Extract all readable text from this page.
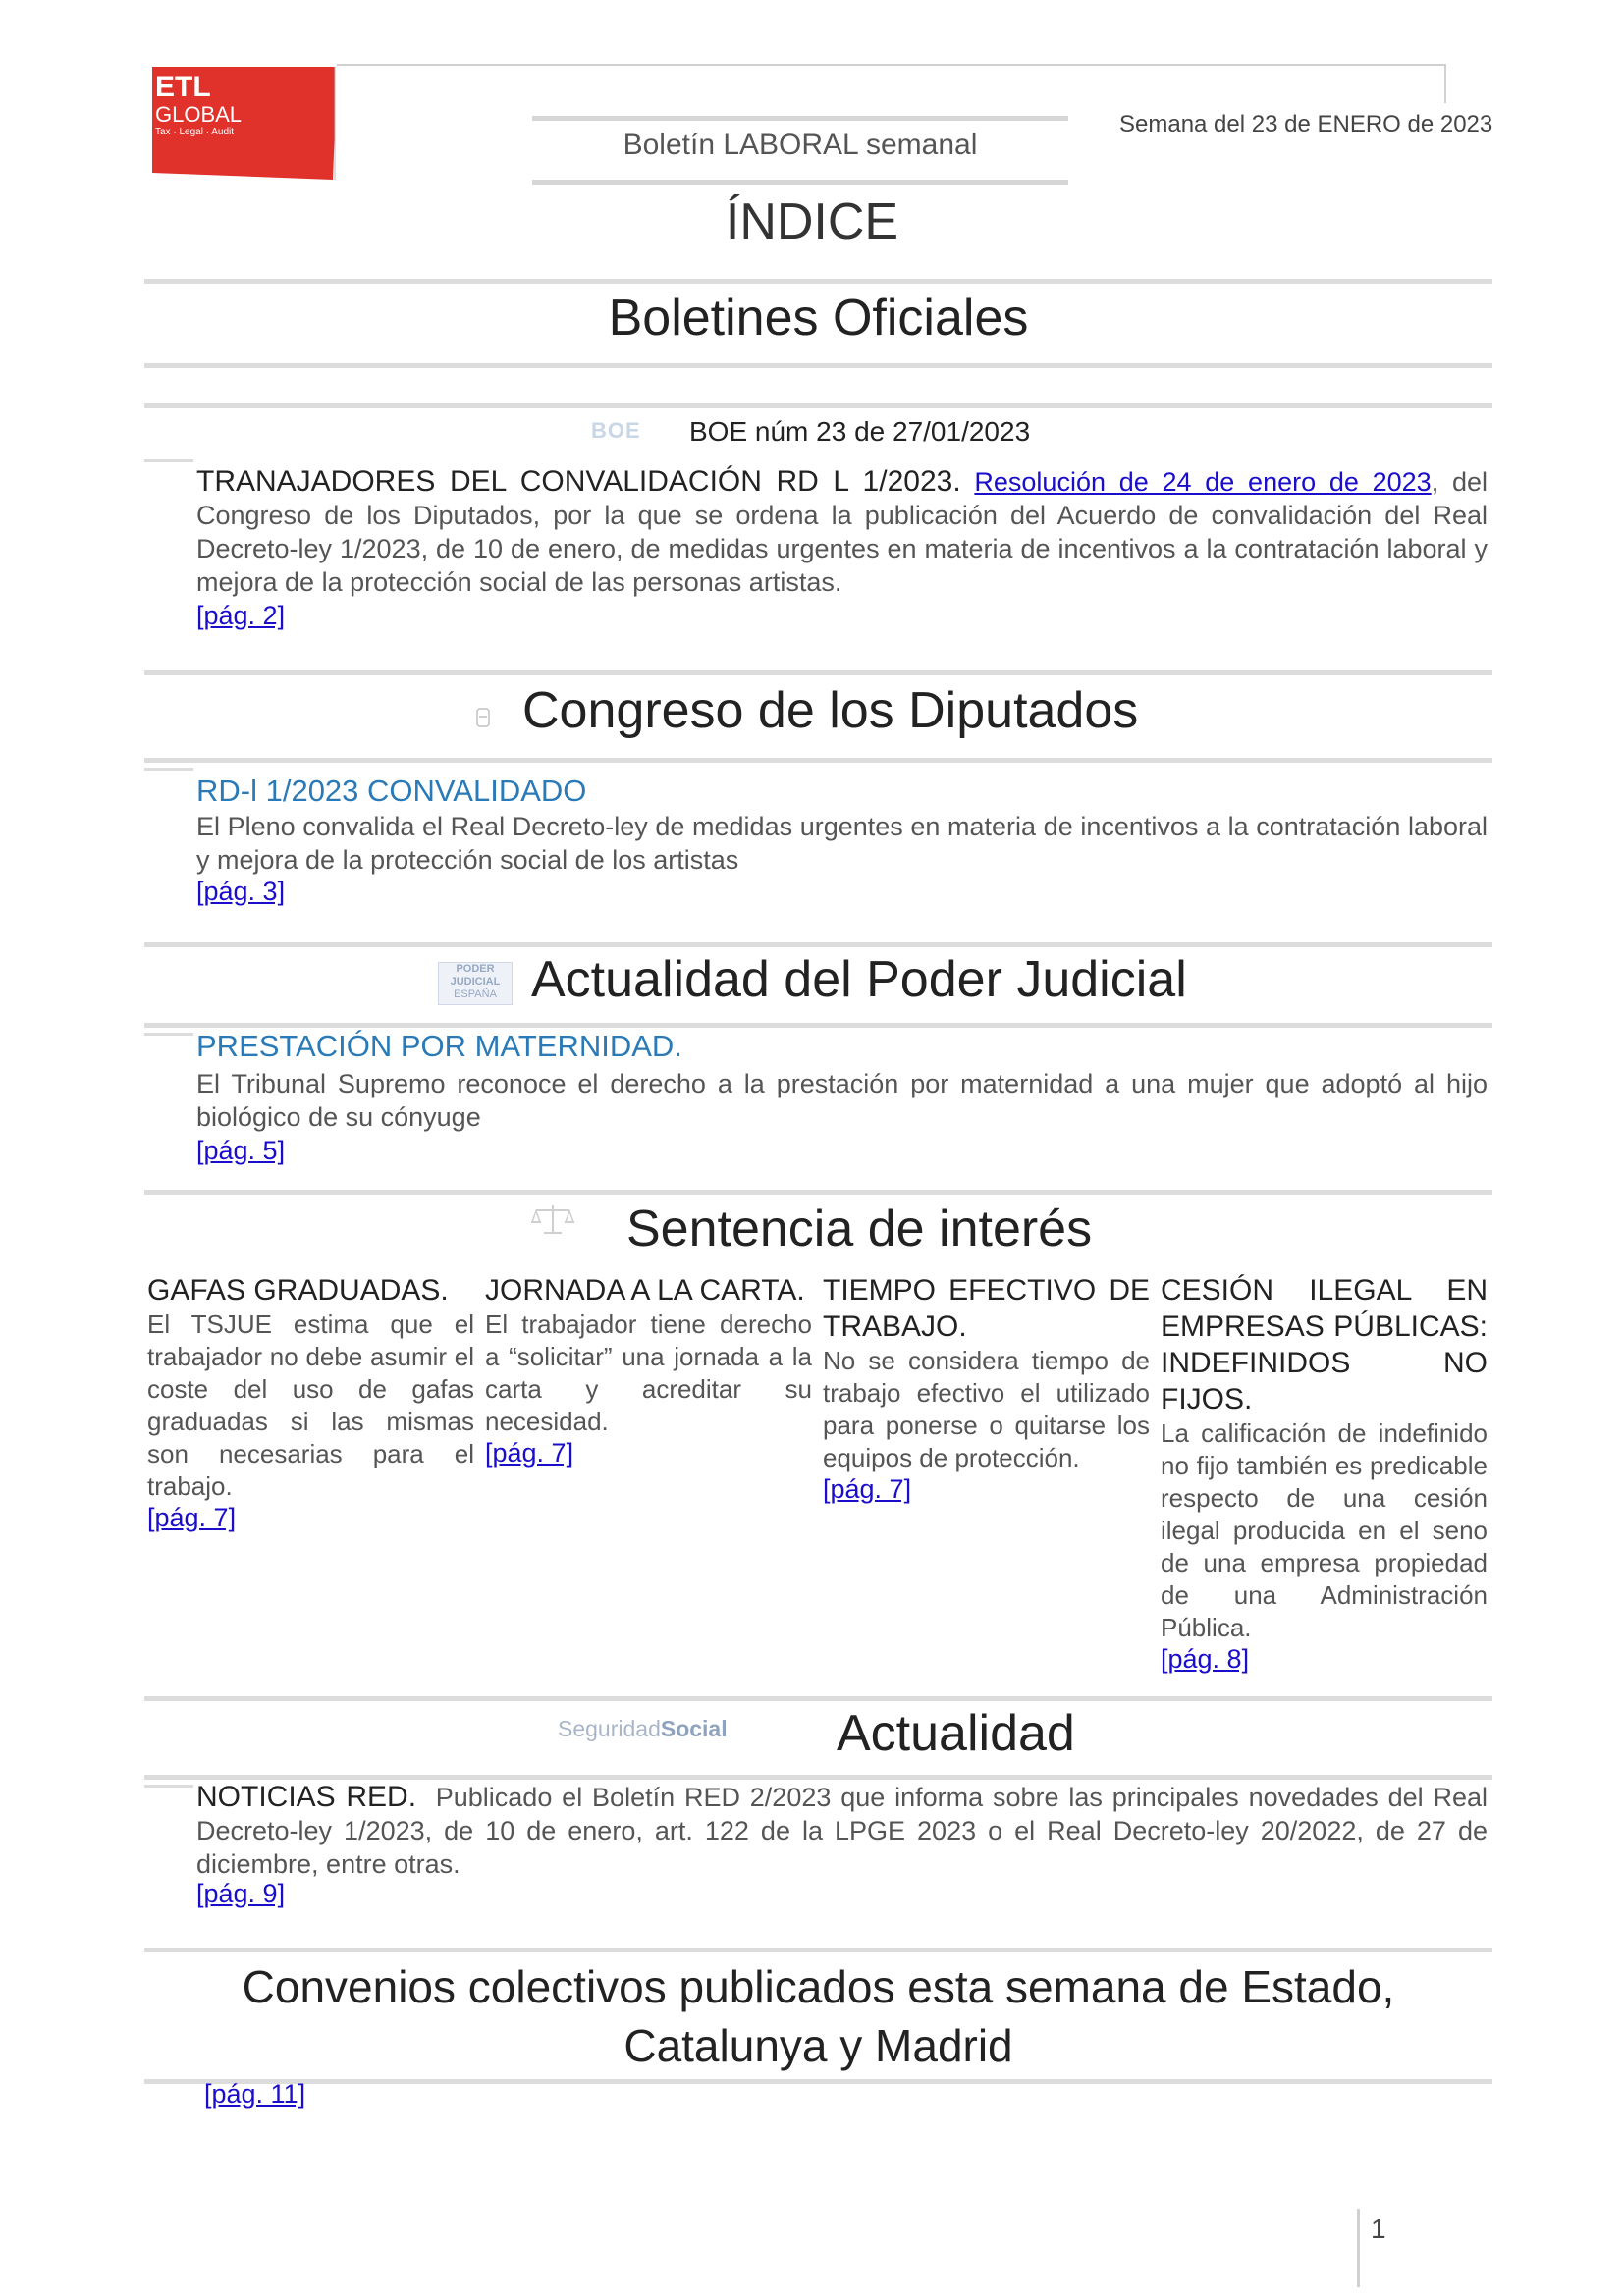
ETL
GLOBAL
Tax · Legal · Audit	Boletín LABORAL semanal
Semana del 23 de ENERO de 2023
ÍNDICE
Boletines Oficiales
BOE BOE núm 23 de 27/01/2023
TRANAJADORES DEL CONVALIDACIÓN RD L 1/2023. Resolución de 24 de enero de 2023, del Congreso de los Diputados, por la que se ordena la publicación del Acuerdo de convalidación del Real Decreto-ley 1/2023, de 10 de enero, de medidas urgentes en materia de incentivos a la contratación laboral y mejora de la protección social de las personas artistas.
[pág. 2]
Congreso de los Diputados
RD-l 1/2023 CONVALIDADO
El Pleno convalida el Real Decreto-ley de medidas urgentes en materia de incentivos a la contratación laboral y mejora de la protección social de los artistas
[pág. 3]
PODER
JUDICIAL
ESPAÑA Actualidad del Poder Judicial
PRESTACIÓN POR MATERNIDAD.
El Tribunal Supremo reconoce el derecho a la prestación por maternidad a una mujer que adoptó al hijo biológico de su cónyuge
[pág. 5]
Sentencia de interés
GAFAS GRADUADAS.
El TSJUE estima que el trabajador no debe asumir el coste del uso de gafas graduadas si las mismas son necesarias para el trabajo.
[pág. 7]
JORNADA A LA CARTA.
El trabajador tiene derecho a “solicitar” una jornada a la carta y acreditar su necesidad.
[pág. 7]
TIEMPO EFECTIVO DE TRABAJO.
No se considera tiempo de trabajo efectivo el utilizado para ponerse o quitarse los equipos de protección.
[pág. 7]
CESIÓN ILEGAL EN EMPRESAS PÚBLICAS: INDEFINIDOS NO FIJOS.
La calificación de indefinido no fijo también es predicable respecto de una cesión ilegal producida en el seno de una empresa propiedad de una Administración Pública.
[pág. 8]
SeguridadSocial Actualidad
NOTICIAS RED. Publicado el Boletín RED 2/2023 que informa sobre las principales novedades del Real Decreto-ley 1/2023, de 10 de enero, art. 122 de la LPGE 2023 o el Real Decreto-ley 20/2022, de 27 de diciembre, entre otras.
[pág. 9]
Convenios colectivos publicados esta semana de Estado,
Catalunya y Madrid
[pág. 11]
1
